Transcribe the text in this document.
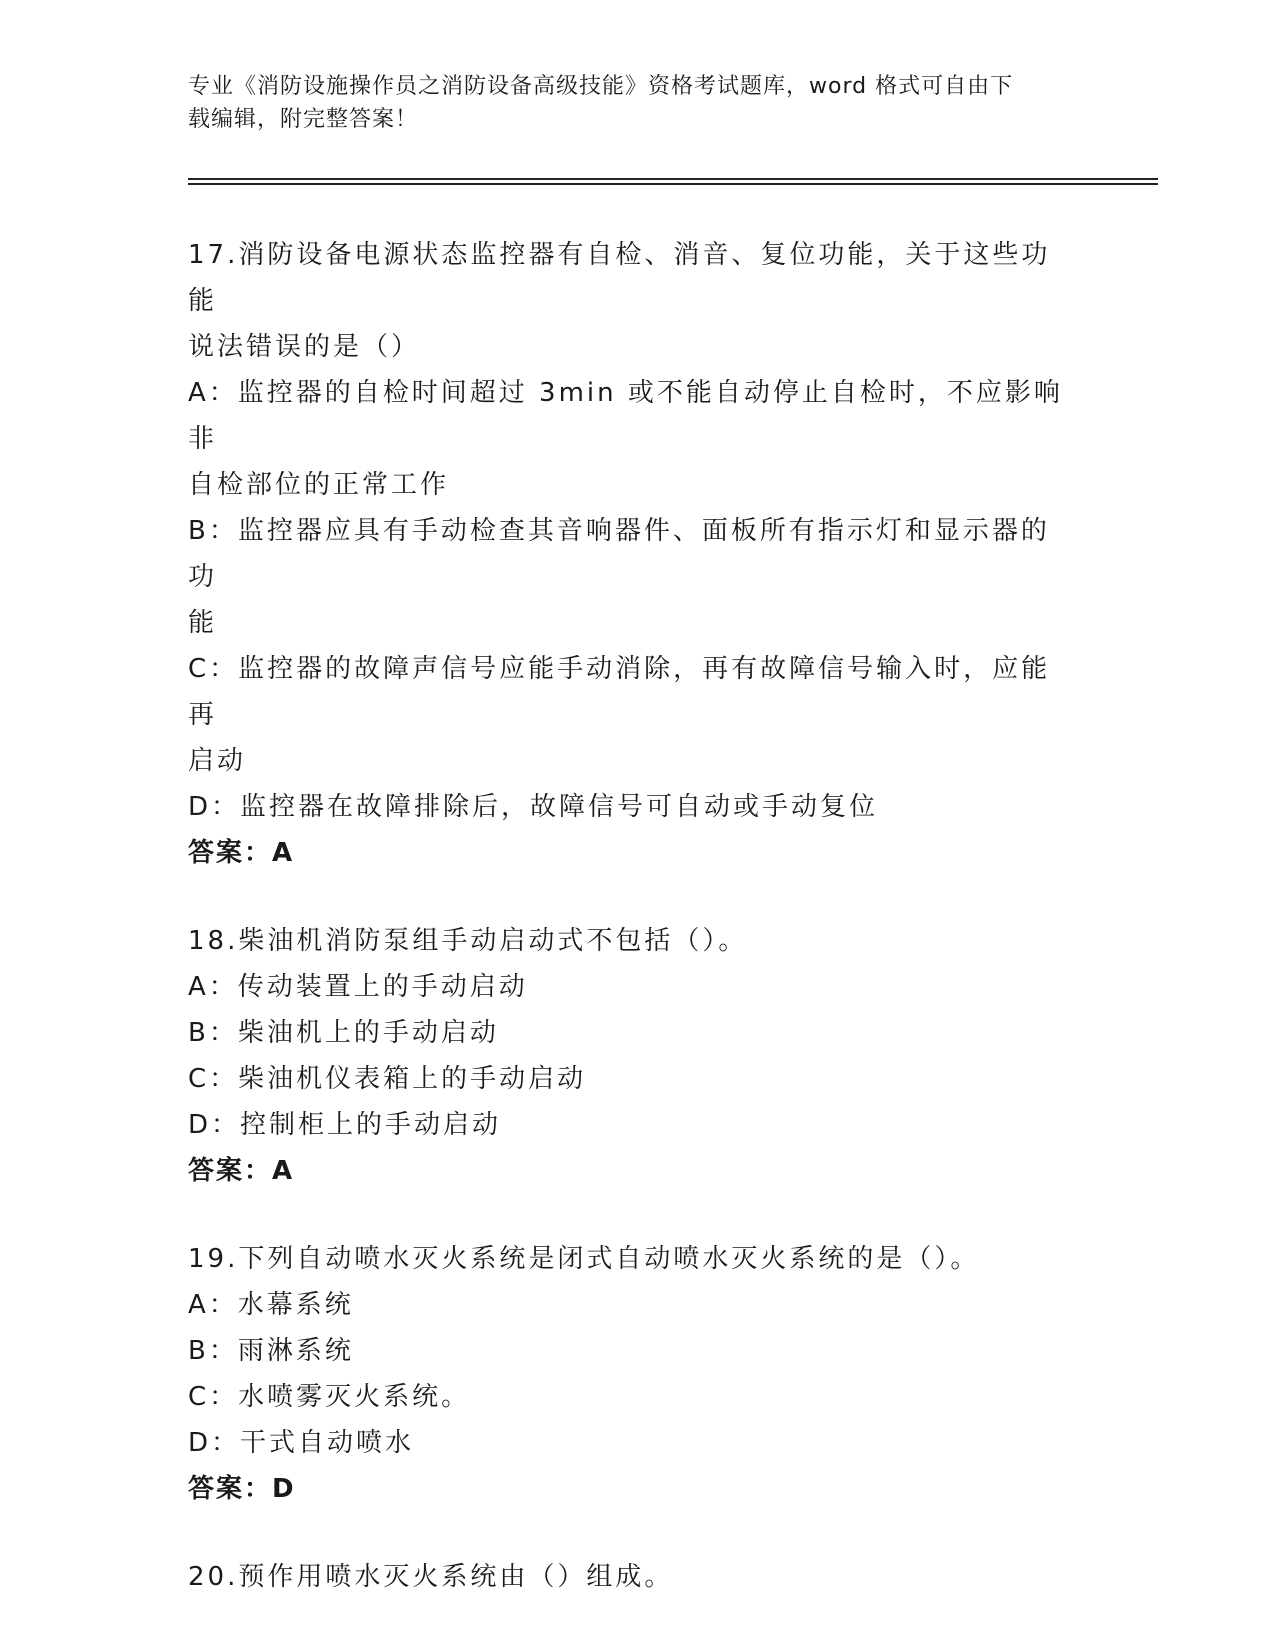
专业《消防设施操作员之消防设备高级技能》资格考试题库，word 格式可自由下
载编辑，附完整答案！
17.消防设备电源状态监控器有自检、消音、复位功能，关于这些功能
说法错误的是（）
A：监控器的自检时间超过 3min 或不能自动停止自检时，不应影响非
自检部位的正常工作
B：监控器应具有手动检查其音响器件、面板所有指示灯和显示器的功
能
C：监控器的故障声信号应能手动消除，再有故障信号输入时，应能再
启动
D：监控器在故障排除后，故障信号可自动或手动复位
答案：A
18.柴油机消防泵组手动启动式不包括（）。
A：传动装置上的手动启动
B：柴油机上的手动启动
C：柴油机仪表箱上的手动启动
D：控制柜上的手动启动
答案：A
19.下列自动喷水灭火系统是闭式自动喷水灭火系统的是（）。
A：水幕系统
B：雨淋系统
C：水喷雾灭火系统。
D：干式自动喷水
答案：D
20.预作用喷水灭火系统由（）组成。
